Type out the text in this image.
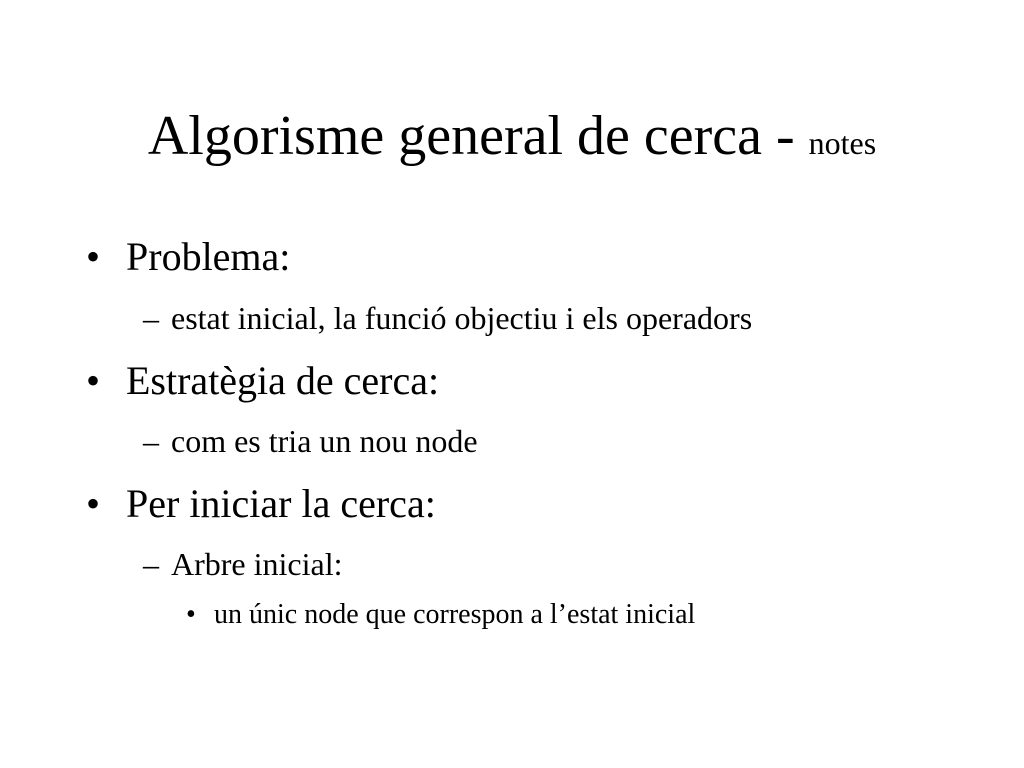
Algorisme general de cerca - notes
• Problema:
– estat inicial, la funció objectiu i els operadors
• Estratègia de cerca:
– com es tria un nou node
• Per iniciar la cerca:
– Arbre inicial:
• un únic node que correspon a l’estat inicial
